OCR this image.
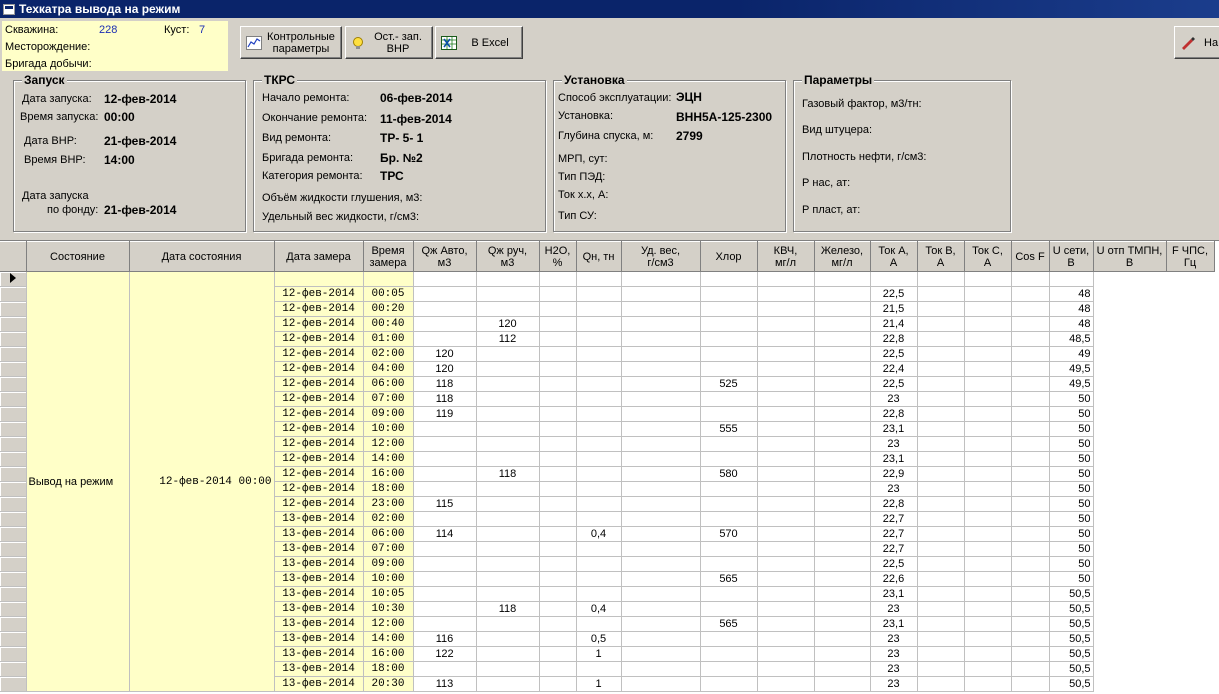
Техкатра вывода на режим
Скважина:	228	Куст: 7
Месторождение:
Бригада добычи:
Контрольные
параметры
Ост.- зап.
ВНР	В Excel	На
Запуск
Дата запуска: 12-фев-2014
Время запуска: 00:00
Дата ВНР: 21-фев-2014
Время ВНР: 14:00
Дата запуска
по фонду: 21-фев-2014
ТКРС
Начало ремонта:	06-фев-2014
Окончание ремонта: 11-фев-2014
Вид ремонта:	ТР- 5- 1
Бригада ремонта: Бр. №2
Категория ремонта: ТРС
Объём жидкости глушения, м3:
Удельный вес жидкости, г/см3:
Установка
Способ эксплуатации: ЭЦН
Установка:	ВНН5А-125-2300
Глубина спуска, м: 2799
МРП, сут:
Тип ПЭД:
Ток х.х, А:
Тип СУ:
Параметры
Газовый фактор, м3/тн:
Вид штуцера:
Плотность нефти, г/см3:
Р нас, ат:
Р пласт, ат:
	Состояние	Дата состояния	Дата замера	Время
замера	Qж Авто,
м3	Qж руч,
м3	Н2О,
%	Qн, тн	Уд. вес,
г/см3	Хлор	КВЧ,
мг/л	Железо,
мг/л	Ток А,
А	Ток В,
А	Ток С,
А	Cos F	U сети,
В	U отп ТМПН,
В	F ЧПС,
Гц
	Вывод на режим	12-фев-2014 00:00																	
			12-фев-2014	00:05									22,5				48		
			12-фев-2014	00:20									21,5				48		
			12-фев-2014	00:40		120							21,4				48		
			12-фев-2014	01:00		112							22,8				48,5		
			12-фев-2014	02:00	120								22,5				49		
			12-фев-2014	04:00	120								22,4				49,5		
			12-фев-2014	06:00	118					525			22,5				49,5		
			12-фев-2014	07:00	118								23				50		
			12-фев-2014	09:00	119								22,8				50		
			12-фев-2014	10:00						555			23,1				50		
			12-фев-2014	12:00									23				50		
			12-фев-2014	14:00									23,1				50		
			12-фев-2014	16:00		118				580			22,9				50		
			12-фев-2014	18:00									23				50		
			12-фев-2014	23:00	115								22,8				50		
			13-фев-2014	02:00									22,7				50		
			13-фев-2014	06:00	114			0,4		570			22,7				50		
			13-фев-2014	07:00									22,7				50		
			13-фев-2014	09:00									22,5				50		
			13-фев-2014	10:00						565			22,6				50		
			13-фев-2014	10:05									23,1				50,5		
			13-фев-2014	10:30		118		0,4					23				50,5		
			13-фев-2014	12:00						565			23,1				50,5		
			13-фев-2014	14:00	116			0,5					23				50,5		
			13-фев-2014	16:00	122			1					23				50,5		
			13-фев-2014	18:00									23				50,5		
			13-фев-2014	20:30	113			1					23				50,5		
